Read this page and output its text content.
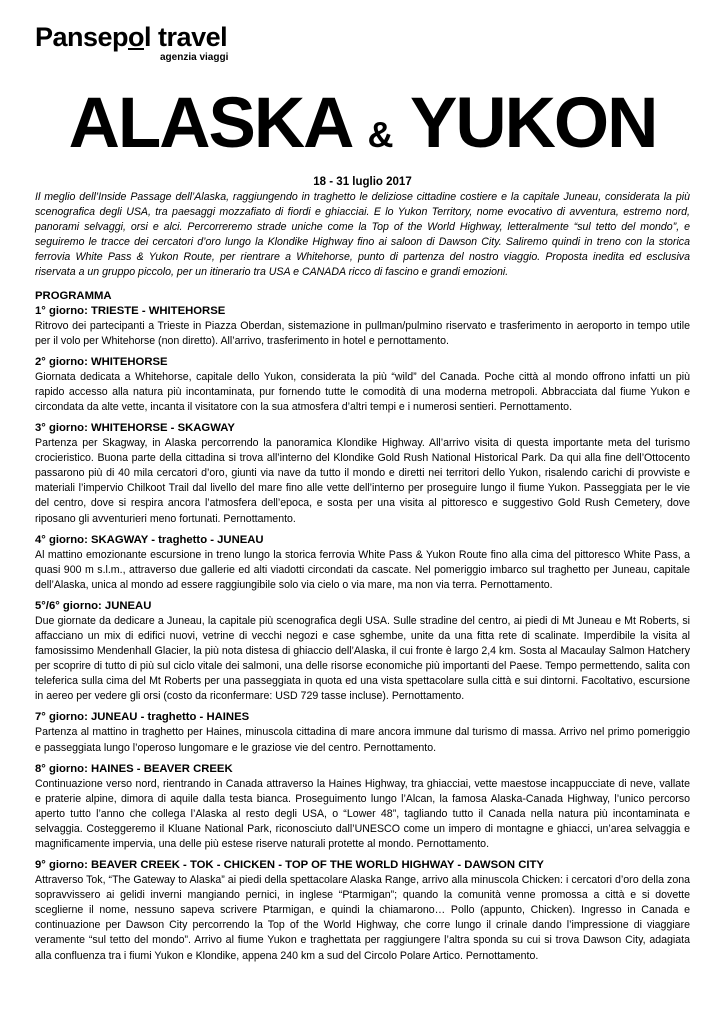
Pansepol travel
agenzia viaggi
ALASKA & YUKON
18 - 31 luglio 2017

Il meglio dell’Inside Passage dell’Alaska, raggiungendo in traghetto le deliziose cittadine costiere e la capitale Juneau, considerata la più scenografica degli USA, tra paesaggi mozzafiato di fiordi e ghiacciai. E lo Yukon Territory, nome evocativo di avventura, estremo nord, panorami selvaggi, orsi e alci. Percorreremo strade uniche come la Top of the World Highway, letteralmente “sul tetto del mondo”, e seguiremo le tracce dei cercatori d’oro lungo la Klondike Highway fino ai saloon di Dawson City. Saliremo quindi in treno con la storica ferrovia White Pass & Yukon Route, per rientrare a Whitehorse, punto di partenza del nostro viaggio. Proposta inedita ed esclusiva riservata a un gruppo piccolo, per un itinerario tra USA e CANADA ricco di fascino e grandi emozioni.

PROGRAMMA

1° giorno: TRIESTE - WHITEHORSE

Ritrovo dei partecipanti a Trieste in Piazza Oberdan, sistemazione in pullman/pulmino riservato e trasferimento in aeroporto in tempo utile per il volo per Whitehorse (non diretto). All’arrivo, trasferimento in hotel e pernottamento.

2° giorno: WHITEHORSE

Giornata dedicata a Whitehorse, capitale dello Yukon, considerata la più “wild” del Canada. Poche città al mondo offrono infatti un più rapido accesso alla natura più incontaminata, pur fornendo tutte le comodità di una moderna metropoli. Abbracciata dal fiume Yukon e circondata da alte vette, incanta il visitatore con la sua atmosfera d’altri tempi e i numerosi sentieri. Pernottamento.

3° giorno: WHITEHORSE - SKAGWAY

Partenza per Skagway, in Alaska percorrendo la panoramica Klondike Highway. All’arrivo visita di questa importante meta del turismo crocieristico. Buona parte della cittadina si trova all’interno del Klondike Gold Rush National Historical Park. Da qui alla fine dell’Ottocento passarono più di 40 mila cercatori d’oro, giunti via nave da tutto il mondo e diretti nei territori dello Yukon, risalendo carichi di provviste e materiali l’impervio Chilkoot Trail dal livello del mare fino alle vette dell’interno per proseguire lungo il fiume Yukon. Passeggiata per le vie del centro, dove si respira ancora l’atmosfera dell’epoca, e sosta per una visita al pittoresco e suggestivo Gold Rush Cemetery, dove riposano gli avventurieri meno fortunati. Pernottamento.

4° giorno: SKAGWAY - traghetto - JUNEAU

Al mattino emozionante escursione in treno lungo la storica ferrovia White Pass & Yukon Route fino alla cima del pittoresco White Pass, a quasi 900 m s.l.m., attraverso due gallerie ed alti viadotti circondati da cascate. Nel pomeriggio imbarco sul traghetto per Juneau, capitale dell’Alaska, unica al mondo ad essere raggiungibile solo via cielo o via mare, ma non via terra. Pernottamento.

5°/6° giorno: JUNEAU

Due giornate da dedicare a Juneau, la capitale più scenografica degli USA. Sulle stradine del centro, ai piedi di Mt Juneau e Mt Roberts, si affacciano un mix di edifici nuovi, vetrine di vecchi negozi e case sghembe, unite da una fitta rete di scalinate. Imperdibile la visita al famosissimo Mendenhall Glacier, la più nota distesa di ghiaccio dell’Alaska, il cui fronte è largo 2,4 km. Sosta al Macaulay Salmon Hatchery per scoprire di tutto di più sul ciclo vitale dei salmoni, una delle risorse economiche più importanti del Paese. Tempo permettendo, salita con teleferica sulla cima del Mt Roberts per una passeggiata in quota ed una vista spettacolare sulla città e sui dintorni. Facoltativo, escursione in aereo per vedere gli orsi (costo da riconfermare: USD 729 tasse incluse). Pernottamento.

7° giorno: JUNEAU - traghetto - HAINES

Partenza al mattino in traghetto per Haines, minuscola cittadina di mare ancora immune dal turismo di massa. Arrivo nel primo pomeriggio e passeggiata lungo l’operoso lungomare e le graziose vie del centro. Pernottamento.

8° giorno: HAINES - BEAVER CREEK

Continuazione verso nord, rientrando in Canada attraverso la Haines Highway, tra ghiacciai, vette maestose incappucciate di neve, vallate e praterie alpine, dimora di aquile dalla testa bianca. Proseguimento lungo l’Alcan, la famosa Alaska-Canada Highway, l’unico percorso aperto tutto l’anno che collega l’Alaska al resto degli USA, o “Lower 48”, tagliando tutto il Canada nella natura più incontaminata e selvaggia. Costeggeremo il Kluane National Park, riconosciuto dall’UNESCO come un impero di montagne e ghiacci, un’area selvaggia e magnificamente impervia, una delle più estese riserve naturali protette al mondo. Pernottamento.

9° giorno: BEAVER CREEK - TOK - CHICKEN - TOP OF THE WORLD HIGHWAY - DAWSON CITY

Attraverso Tok, “The Gateway to Alaska” ai piedi della spettacolare Alaska Range, arrivo alla minuscola Chicken: i cercatori d’oro della zona sopravvissero ai gelidi inverni mangiando pernici, in inglese “Ptarmigan”; quando la comunità venne promossa a città e si dovette sceglierne il nome, nessuno sapeva scrivere Ptarmigan, e quindi la chiamarono… Pollo (appunto, Chicken). Ingresso in Canada e continuazione per Dawson City percorrendo la Top of the World Highway, che corre lungo il crinale dando l’impressione di viaggiare veramente “sul tetto del mondo”. Arrivo al fiume Yukon e traghettata per raggiungere l’altra sponda su cui si trova Dawson City, adagiata alla confluenza tra i fiumi Yukon e Klondike, appena 240 km a sud del Circolo Polare Artico. Pernottamento.
